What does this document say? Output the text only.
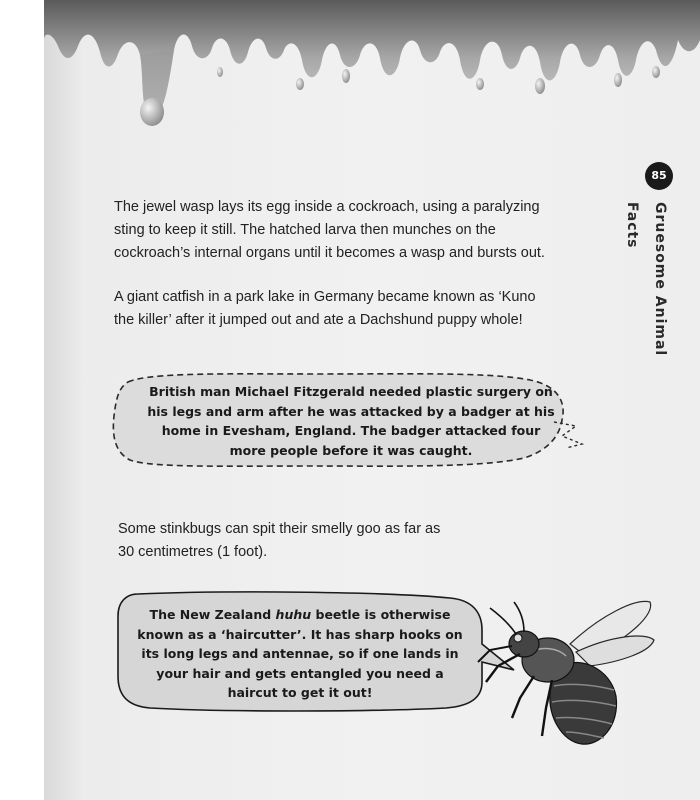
85
Gruesome Animal Facts
The jewel wasp lays its egg inside a cockroach, using a paralyzing
sting to keep it still. The hatched larva then munches on the
cockroach’s internal organs until it becomes a wasp and bursts out.
A giant catfish in a park lake in Germany became known as ‘Kuno
the killer’ after it jumped out and ate a Dachshund puppy whole!
British man Michael Fitzgerald needed plastic surgery on
his legs and arm after he was attacked by a badger at his
home in Evesham, England. The badger attacked four
more people before it was caught.
Some stinkbugs can spit their smelly goo as far as
30 centimetres (1 foot).
The New Zealand huhu beetle is otherwise
known as a ‘haircutter’. It has sharp hooks on
its long legs and antennae, so if one lands in
your hair and gets entangled you need a
haircut to get it out!
